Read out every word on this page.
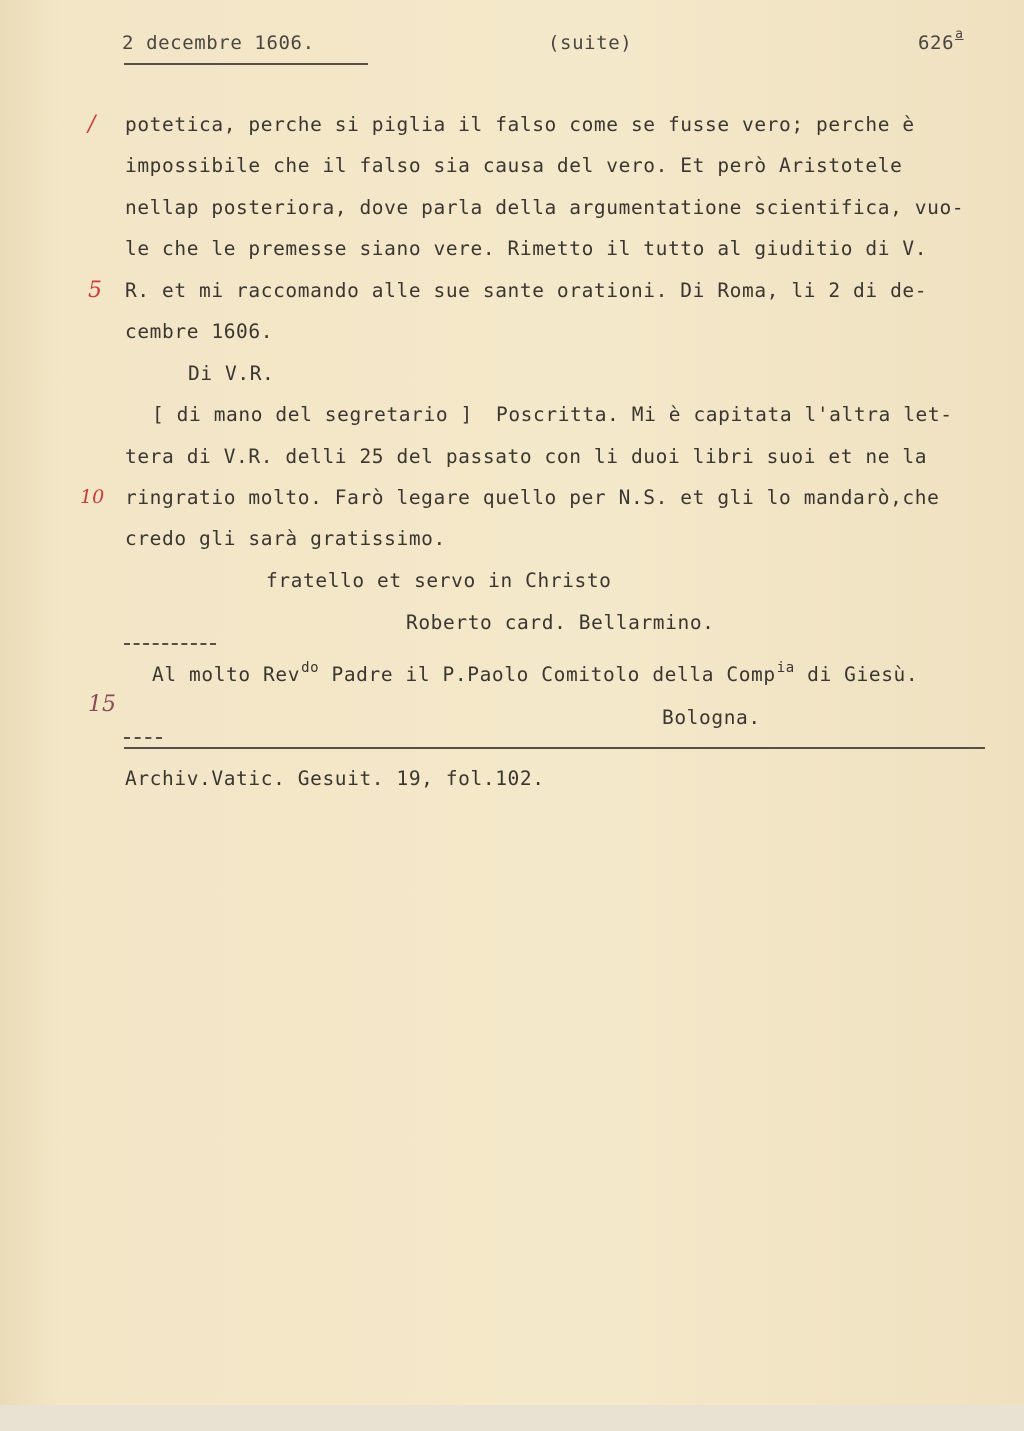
2 decembre 1606.	(suite)	626$^a$
/
5
10
15
potetica, perche si piglia il falso come se fusse vero; perche è
impossibile che il falso sia causa del vero. Et però Aristotele
nellap posteriora, dove parla della argumentatione scientifica, vuo-
le che le premesse siano vere. Rimetto il tutto al giuditio di V.
R. et mi raccomando alle sue sante orationi. Di Roma, li 2 di de-
cembre 1606.
Di V.R.
[ di mano del segretario ] Poscritta. Mi è capitata l'altra let-
tera di V.R. delli 25 del passato con li duoi libri suoi et ne la
ringratio molto. Farò legare quello per N.S. et gli lo mandarò,che
credo gli sarà gratissimo.
fratello et servo in Christo
Roberto card. Bellarmino.
Al molto Rev$^{do}$ Padre il P.Paolo Comitolo della Comp$^{ia}$ di Giesù.
Bologna.
Archiv.Vatic. Gesuit. 19, fol.102.
